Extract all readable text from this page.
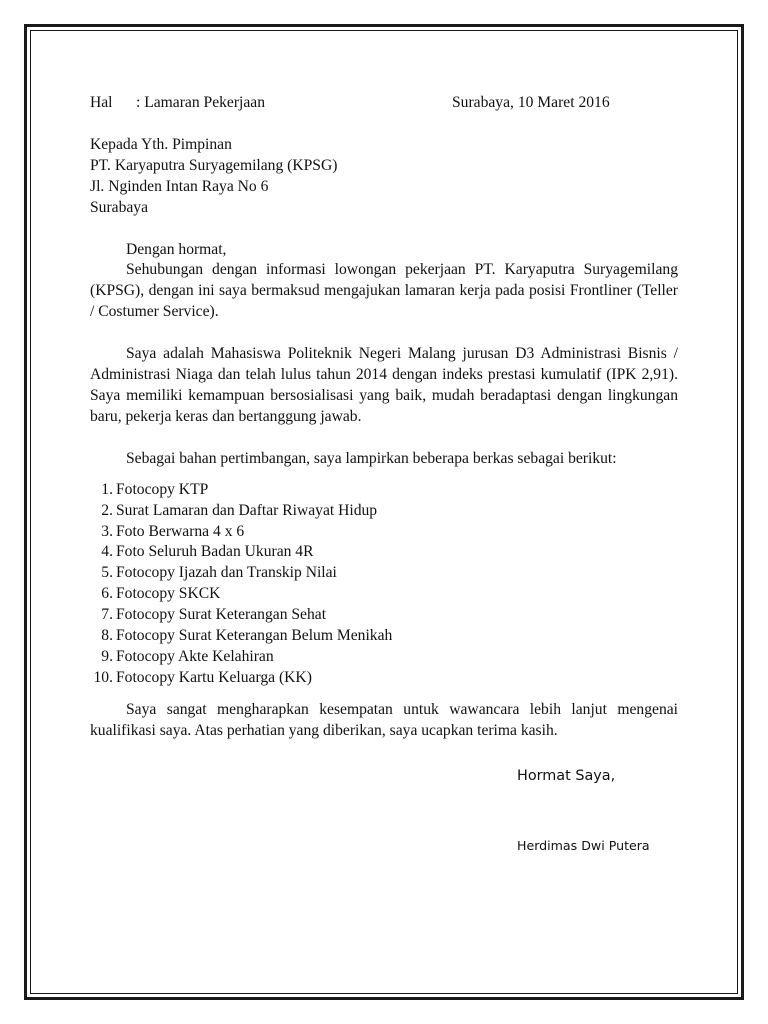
Hal	: Lamaran Pekerjaan	Surabaya, 10 Maret 2016
Kepada Yth. Pimpinan
PT. Karyaputra Suryagemilang (KPSG)
Jl. Nginden Intan Raya No 6
Surabaya
Dengan hormat,
Sehubungan dengan informasi lowongan pekerjaan PT. Karyaputra Suryagemilang (KPSG), dengan ini saya bermaksud mengajukan lamaran kerja pada posisi Frontliner (Teller / Costumer Service).
Saya adalah Mahasiswa Politeknik Negeri Malang jurusan D3 Administrasi Bisnis / Administrasi Niaga dan telah lulus tahun 2014 dengan indeks prestasi kumulatif (IPK 2,91). Saya memiliki kemampuan bersosialisasi yang baik, mudah beradaptasi dengan lingkungan baru, pekerja keras dan bertanggung jawab.
Sebagai bahan pertimbangan, saya lampirkan beberapa berkas sebagai berikut:
1. Fotocopy KTP
2. Surat Lamaran dan Daftar Riwayat Hidup
3. Foto Berwarna 4 x 6
4. Foto Seluruh Badan Ukuran 4R
5. Fotocopy Ijazah dan Transkip Nilai
6. Fotocopy SKCK
7. Fotocopy Surat Keterangan Sehat
8. Fotocopy Surat Keterangan Belum Menikah
9. Fotocopy Akte Kelahiran
10. Fotocopy Kartu Keluarga (KK)
Saya sangat mengharapkan kesempatan untuk wawancara lebih lanjut mengenai kualifikasi saya. Atas perhatian yang diberikan, saya ucapkan terima kasih.
Hormat Saya,
Herdimas Dwi Putera
